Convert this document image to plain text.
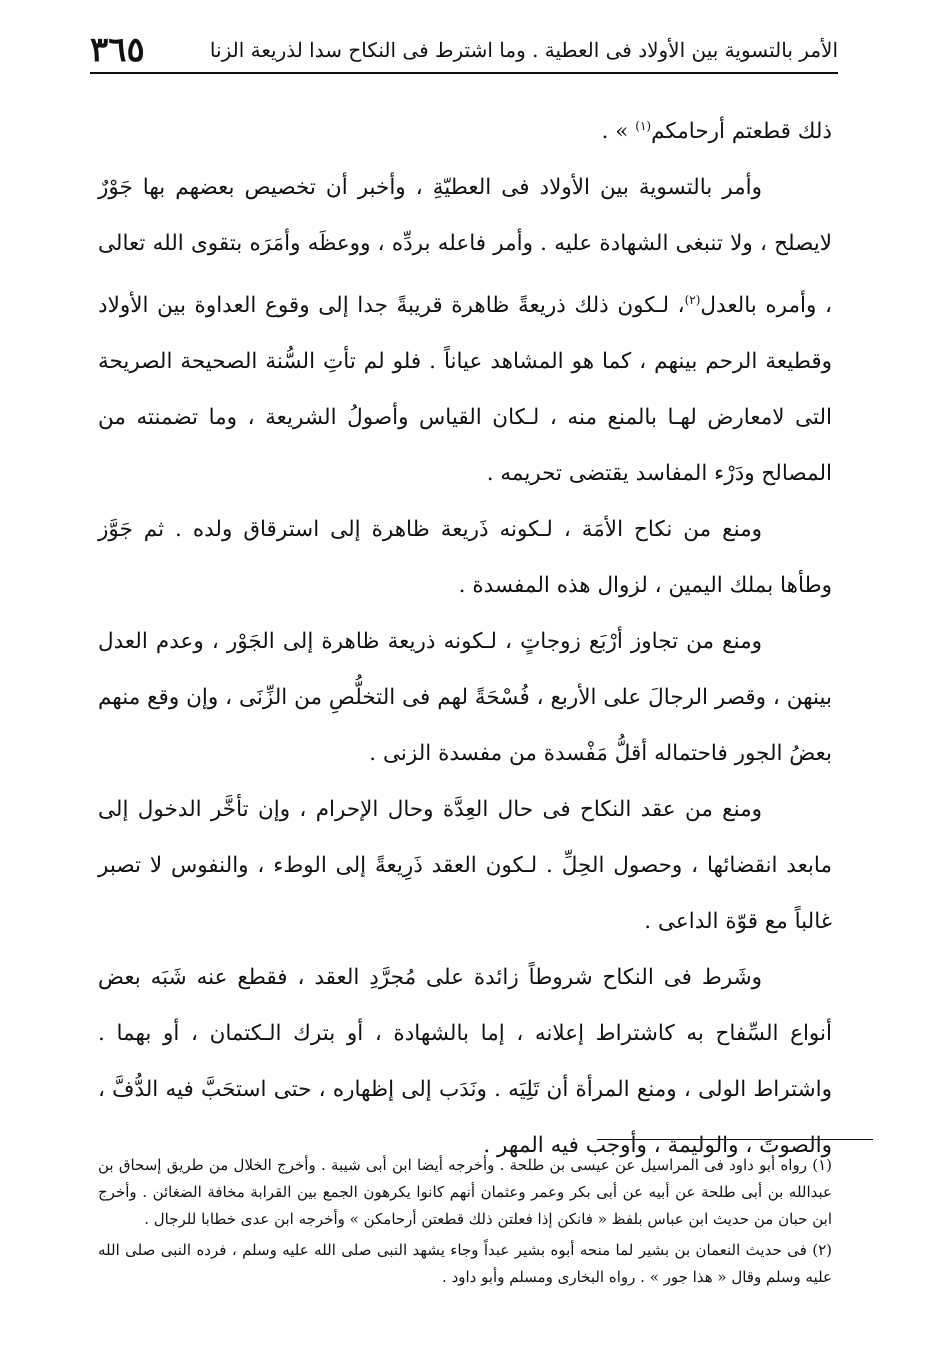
الأمر بالتسوية بين الأولاد فى العطية . وما اشترط فى النكاح سدا لذريعة الزنا
٣٦٥

ذلك قطعتم أرحامكم$^{(١)}$ » .

وأمر بالتسوية بين الأولاد فى العطيّةِ ، وأخبر أن تخصيص بعضهم بها جَوْرٌ لايصلح ، ولا تنبغى الشهادة عليه . وأمر فاعله بردِّه ، ووعظَه وأمَرَه بتقوى الله تعالى ، وأمره بالعدل$^{(٢)}$، لـكون ذلك ذريعةً ظاهرة قريبةً جدا إلى وقوع العداوة بين الأولاد وقطيعة الرحم بينهم ، كما هو المشاهد عياناً . فلو لم تأتِ السُّنة الصحيحة الصريحة التى لامعارض لهـا بالمنع منه ، لـكان القياس وأصولُ الشريعة ، وما تضمنته من المصالح ودَرْء المفاسد يقتضى تحريمه .

ومنع من نكاح الأمَة ، لـكونه ذَريعة ظاهرة إلى استرقاق ولده . ثم جَوَّز وطأها بملك اليمين ، لزوال هذه المفسدة .

ومنع من تجاوز أرْبَع زوجاتٍ ، لـكونه ذريعة ظاهرة إلى الجَوْر ، وعدم العدل بينهن ، وقصر الرجالَ على الأربع ، فُسْحَةً لهم فى التخلُّصِ من الزِّنَى ، وإن وقع منهم بعضُ الجور فاحتماله أقلُّ مَفْسدة من مفسدة الزنى .

ومنع من عقد النكاح فى حال العِدَّة وحال الإحرام ، وإن تأخَّر الدخول إلى مابعد انقضائها ، وحصول الحِلِّ . لـكون العقد ذَرِيعةً إلى الوطء ، والنفوس لا تصبر غالباً مع قوّة الداعى .

وشَرط فى النكاح شروطاً زائدة على مُجرَّدِ العقد ، فقطع عنه شَبَه بعض أنواع السِّفاح به كاشتراط إعلانه ، إما بالشهادة ، أو بترك الـكتمان ، أو بهما . واشتراط الولى ، ومنع المرأة أن تَلِيَه . ونَدَب إلى إظهاره ، حتى استحَبَّ فيه الدُّفَّ ، والصوتَ ، والوليمة ، وأوجب فيه المهر .

(١) رواه أبو داود فى المراسيل عن عيسى بن طلحة . وأخرجه أيضا ابن أبى شيبة . وأخرج الخلال من طريق إسحاق بن عبدالله بن أبى طلحة عن أبيه عن أبى بكر وعمر وعثمان أنهم كانوا يكرهون الجمع بين القرابة مخافة الضغائن . وأخرج ابن حبان من حديث ابن عباس بلفظ « فانكن إذا فعلتن ذلك قطعتن أرحامكن » وأخرجه ابن عدى خطابا للرجال .

(٢) فى حديث النعمان بن بشير لما منحه أبوه بشير عبداً وجاء يشهد النبى صلى الله عليه وسلم ، فرده النبى صلى الله عليه وسلم وقال « هذا جور » . رواه البخارى ومسلم وأبو داود .
